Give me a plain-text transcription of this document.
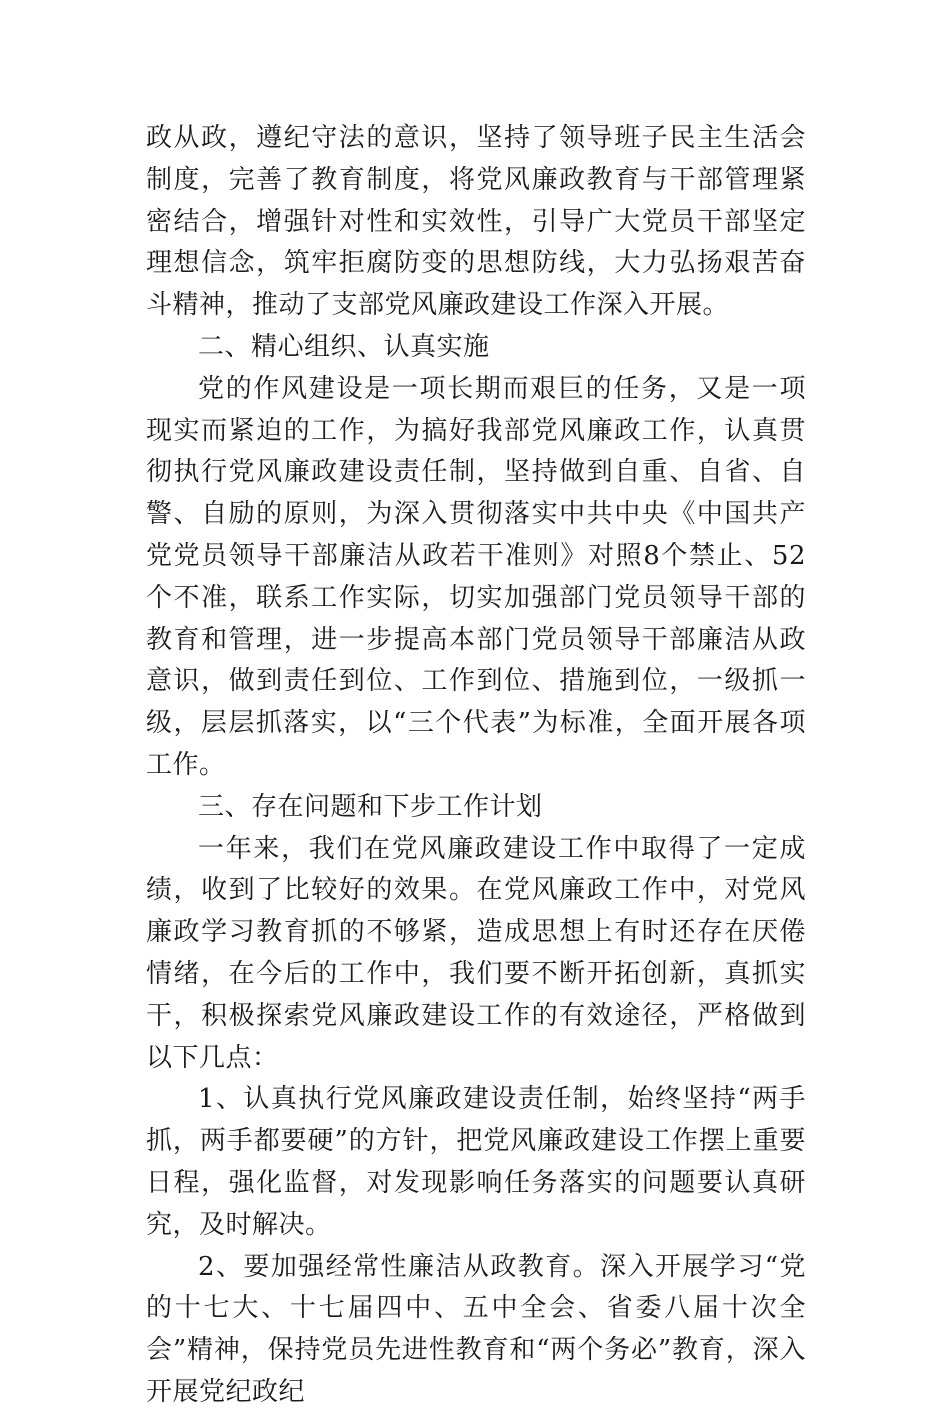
政从政，遵纪守法的意识，坚持了领导班子民主生活会制度，完善了教育制度，将党风廉政教育与干部管理紧密结合，增强针对性和实效性，引导广大党员干部坚定理想信念，筑牢拒腐防变的思想防线，大力弘扬艰苦奋斗精神，推动了支部党风廉政建设工作深入开展。

二、精心组织、认真实施

党的作风建设是一项长期而艰巨的任务，又是一项现实而紧迫的工作，为搞好我部党风廉政工作，认真贯彻执行党风廉政建设责任制，坚持做到自重、自省、自警、自励的原则，为深入贯彻落实中共中央《中国共产党党员领导干部廉洁从政若干准则》对照8个禁止、52个不准，联系工作实际，切实加强部门党员领导干部的教育和管理，进一步提高本部门党员领导干部廉洁从政意识，做到责任到位、工作到位、措施到位，一级抓一级，层层抓落实，以“三个代表”为标准，全面开展各项工作。

三、存在问题和下步工作计划

一年来，我们在党风廉政建设工作中取得了一定成绩，收到了比较好的效果。在党风廉政工作中，对党风廉政学习教育抓的不够紧，造成思想上有时还存在厌倦情绪，在今后的工作中，我们要不断开拓创新，真抓实干，积极探索党风廉政建设工作的有效途径，严格做到以下几点：

1、认真执行党风廉政建设责任制，始终坚持“两手抓，两手都要硬”的方针，把党风廉政建设工作摆上重要日程，强化监督，对发现影响任务落实的问题要认真研究，及时解决。

2、要加强经常性廉洁从政教育。深入开展学习“党的十七大、十七届四中、五中全会、省委八届十次全会”精神，保持党员先进性教育和“两个务必”教育，深入开展党纪政纪
